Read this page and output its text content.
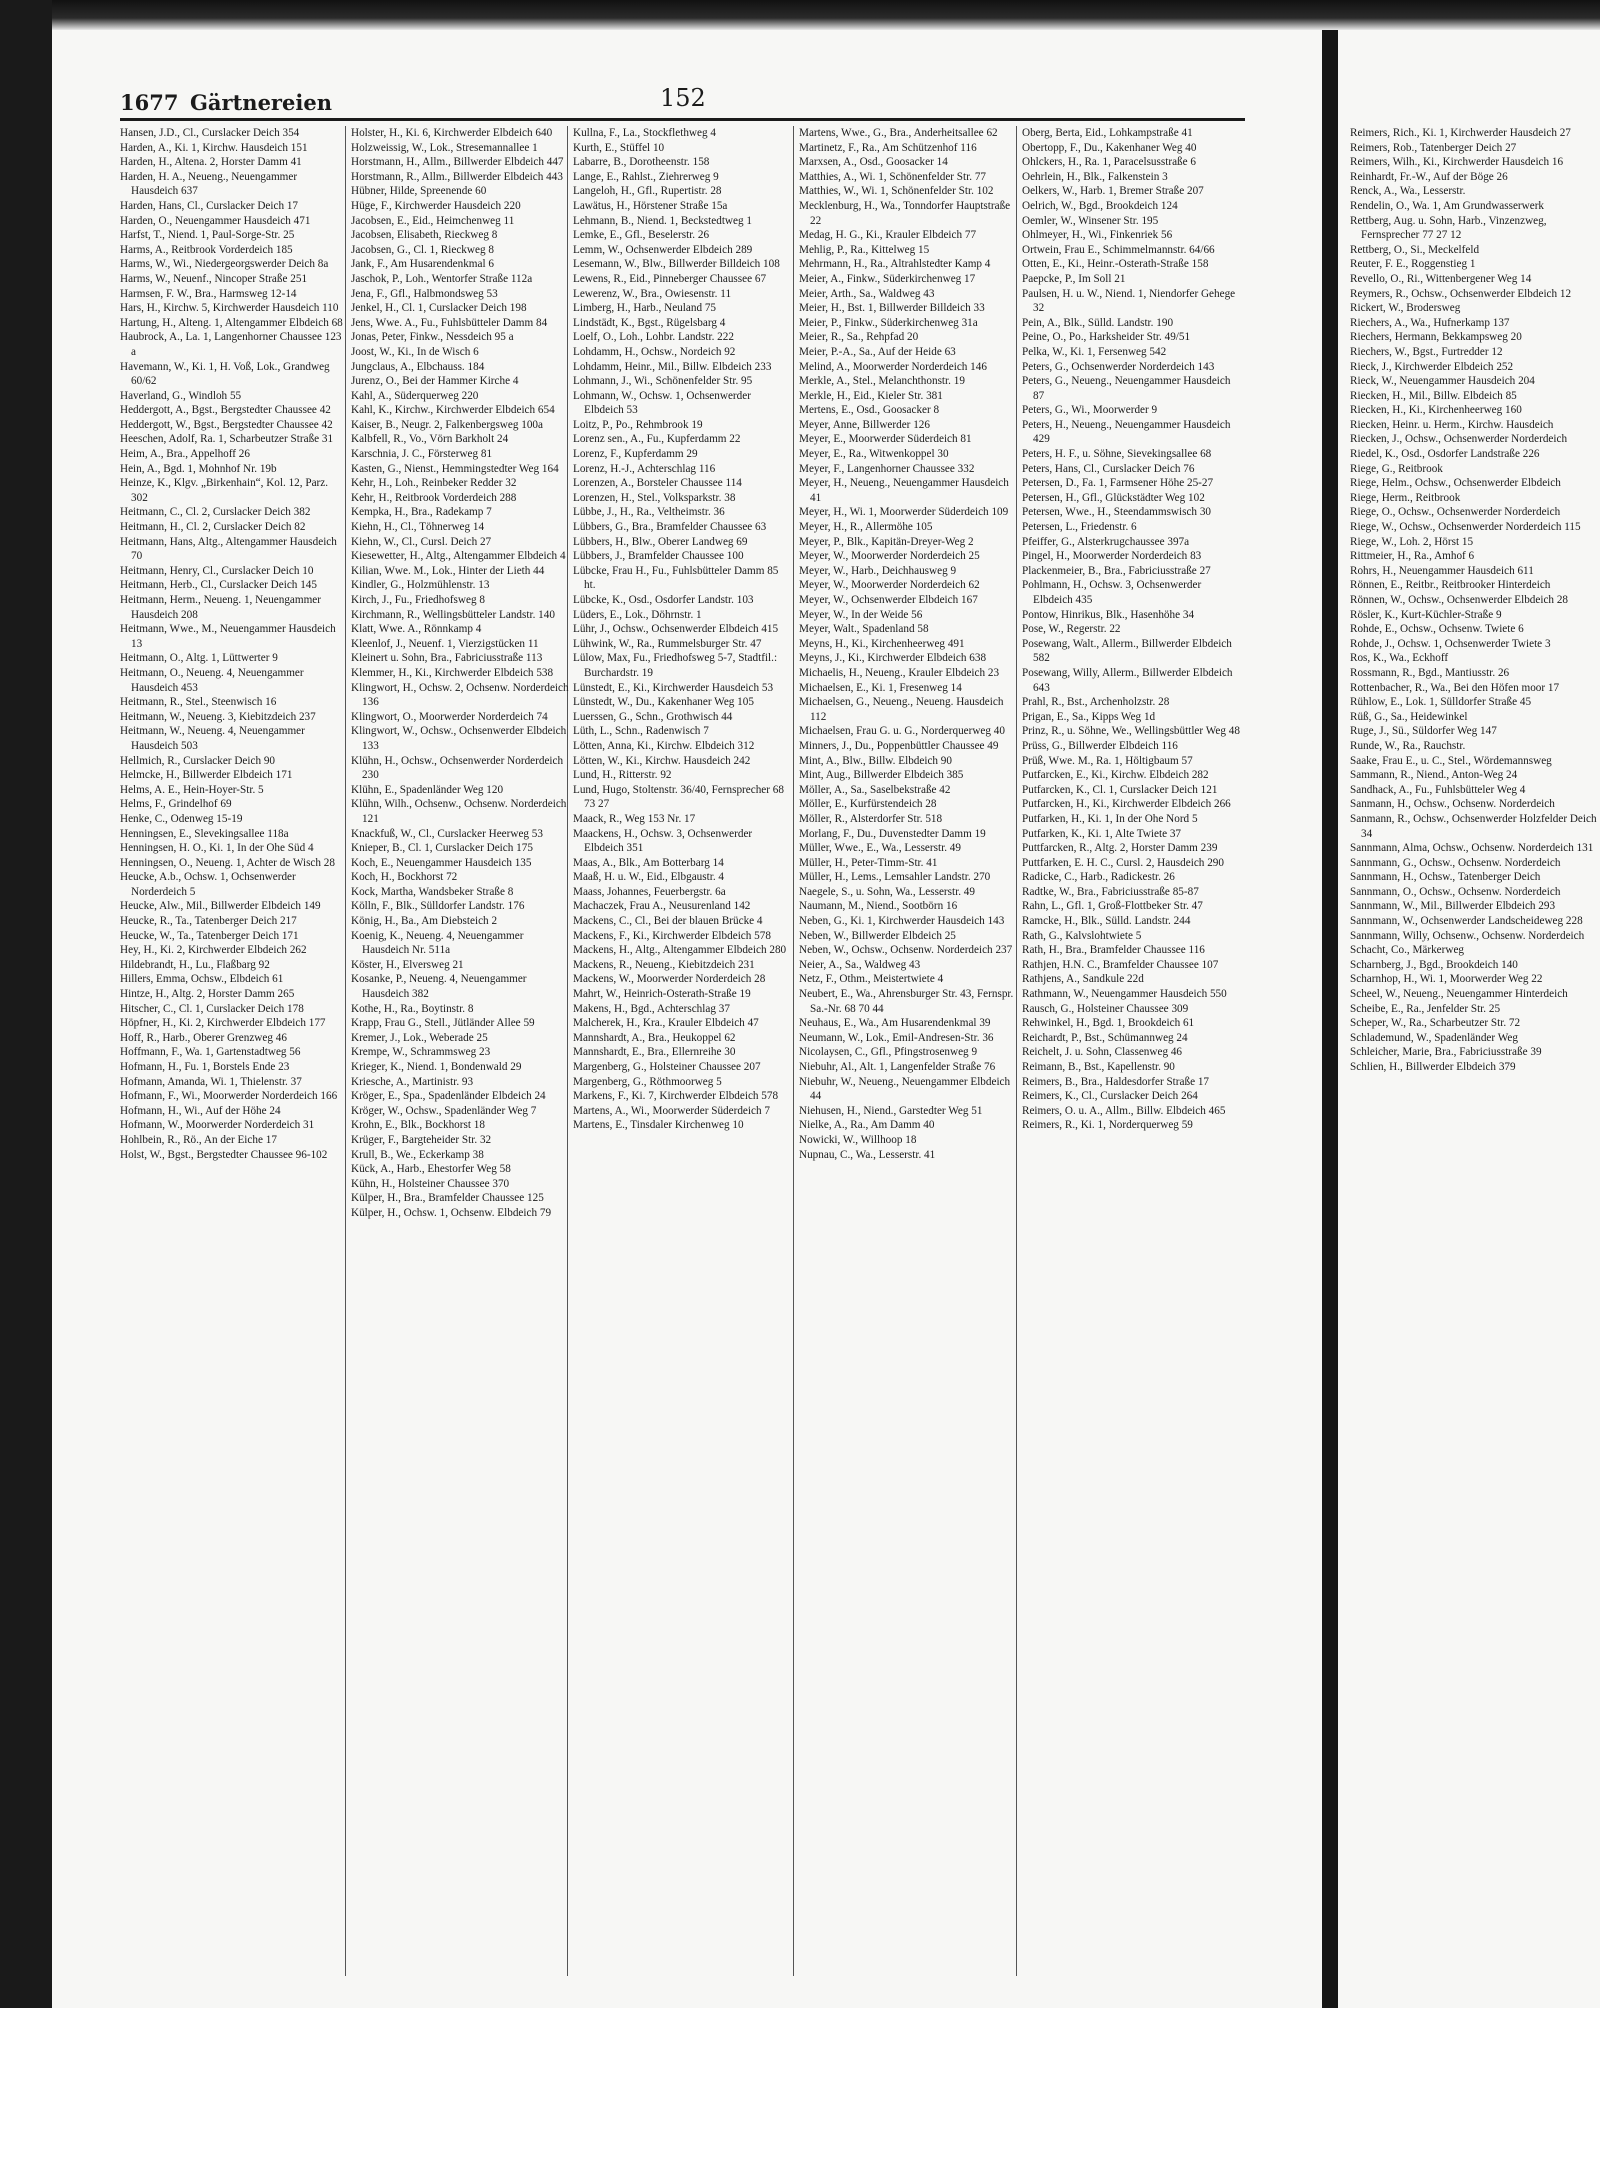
1677 Gärtnereien	152

Hansen, J.D., Cl., Curslacker Deich 354

Harden, A., Ki. 1, Kirchw. Hausdeich 151

Harden, H., Altena. 2, Horster Damm 41

Harden, H. A., Neueng., Neuengammer Hausdeich 637

Harden, Hans, Cl., Curslacker Deich 17

Harden, O., Neuengammer Hausdeich 471

Harfst, T., Niend. 1, Paul-Sorge-Str. 25

Harms, A., Reitbrook Vorderdeich 185

Harms, W., Wi., Niedergeorgswerder Deich 8a

Harms, W., Neuenf., Nincoper Straße 251

Harmsen, F. W., Bra., Harmsweg 12-14

Hars, H., Kirchw. 5, Kirchwerder Hausdeich 110

Hartung, H., Alteng. 1, Altengammer Elbdeich 68

Haubrock, A., La. 1, Langenhorner Chaussee 123 a

Havemann, W., Ki. 1, H. Voß, Lok., Grandweg 60/62

Haverland, G., Windloh 55

Heddergott, A., Bgst., Bergstedter Chaussee 42

Heddergott, W., Bgst., Bergstedter Chaussee 42

Heeschen, Adolf, Ra. 1, Scharbeutzer Straße 31

Heim, A., Bra., Appelhoff 26

Hein, A., Bgd. 1, Mohnhof Nr. 19b

Heinze, K., Klgv. „Birkenhain“, Kol. 12, Parz. 302

Heitmann, C., Cl. 2, Curslacker Deich 382

Heitmann, H., Cl. 2, Curslacker Deich 82

Heitmann, Hans, Altg., Altengammer Hausdeich 70

Heitmann, Henry, Cl., Curslacker Deich 10

Heitmann, Herb., Cl., Curslacker Deich 145

Heitmann, Herm., Neueng. 1, Neuengammer Hausdeich 208

Heitmann, Wwe., M., Neuengammer Hausdeich 13

Heitmann, O., Altg. 1, Lüttwerter 9

Heitmann, O., Neueng. 4, Neuengammer Hausdeich 453

Heitmann, R., Stel., Steenwisch 16

Heitmann, W., Neueng. 3, Kiebitzdeich 237

Heitmann, W., Neueng. 4, Neuengammer Hausdeich 503

Hellmich, R., Curslacker Deich 90

Helmcke, H., Billwerder Elbdeich 171

Helms, A. E., Hein-Hoyer-Str. 5

Helms, F., Grindelhof 69

Henke, C., Odenweg 15-19

Henningsen, E., Slevekingsallee 118a

Henningsen, H. O., Ki. 1, In der Ohe Süd 4

Henningsen, O., Neueng. 1, Achter de Wisch 28

Heucke, A.b., Ochsw. 1, Ochsenwerder Norderdeich 5

Heucke, Alw., Mil., Billwerder Elbdeich 149

Heucke, R., Ta., Tatenberger Deich 217

Heucke, W., Ta., Tatenberger Deich 171

Hey, H., Ki. 2, Kirchwerder Elbdeich 262

Hildebrandt, H., Lu., Flaßbarg 92

Hillers, Emma, Ochsw., Elbdeich 61

Hintze, H., Altg. 2, Horster Damm 265

Hitscher, C., Cl. 1, Curslacker Deich 178

Höpfner, H., Ki. 2, Kirchwerder Elbdeich 177

Hoff, R., Harb., Oberer Grenzweg 46

Hoffmann, F., Wa. 1, Gartenstadtweg 56

Hofmann, H., Fu. 1, Borstels Ende 23

Hofmann, Amanda, Wi. 1, Thielenstr. 37

Hofmann, F., Wi., Moorwerder Norderdeich 166

Hofmann, H., Wi., Auf der Höhe 24

Hofmann, W., Moorwerder Norderdeich 31

Hohlbein, R., Rö., An der Eiche 17

Holst, W., Bgst., Bergstedter Chaussee 96-102

Holster, H., Ki. 6, Kirchwerder Elbdeich 640

Holzweissig, W., Lok., Stresemannallee 1

Horstmann, H., Allm., Billwerder Elbdeich 447

Horstmann, R., Allm., Billwerder Elbdeich 443

Hübner, Hilde, Spreenende 60

Hüge, F., Kirchwerder Hausdeich 220

Jacobsen, E., Eid., Heimchenweg 11

Jacobsen, Elisabeth, Rieckweg 8

Jacobsen, G., Cl. 1, Rieckweg 8

Jank, F., Am Husarendenkmal 6

Jaschok, P., Loh., Wentorfer Straße 112a

Jena, F., Gfl., Halbmondsweg 53

Jenkel, H., Cl. 1, Curslacker Deich 198

Jens, Wwe. A., Fu., Fuhlsbütteler Damm 84

Jonas, Peter, Finkw., Nessdeich 95 a

Joost, W., Ki., In de Wisch 6

Jungclaus, A., Elbchauss. 184

Jurenz, O., Bei der Hammer Kirche 4

Kahl, A., Süderquerweg 220

Kahl, K., Kirchw., Kirchwerder Elbdeich 654

Kaiser, B., Neugr. 2, Falkenbergsweg 100a

Kalbfell, R., Vo., Vörn Barkholt 24

Karschnia, J. C., Försterweg 81

Kasten, G., Nienst., Hemmingstedter Weg 164

Kehr, H., Loh., Reinbeker Redder 32

Kehr, H., Reitbrook Vorderdeich 288

Kempka, H., Bra., Radekamp 7

Kiehn, H., Cl., Töhnerweg 14

Kiehn, W., Cl., Cursl. Deich 27

Kiesewetter, H., Altg., Altengammer Elbdeich 4

Kilian, Wwe. M., Lok., Hinter der Lieth 44

Kindler, G., Holzmühlenstr. 13

Kirch, J., Fu., Friedhofsweg 8

Kirchmann, R., Wellingsbütteler Landstr. 140

Klatt, Wwe. A., Rönnkamp 4

Kleenlof, J., Neuenf. 1, Vierzigstücken 11

Kleinert u. Sohn, Bra., Fabriciusstraße 113

Klemmer, H., Ki., Kirchwerder Elbdeich 538

Klingwort, H., Ochsw. 2, Ochsenw. Norderdeich 136

Klingwort, O., Moorwerder Norderdeich 74

Klingwort, W., Ochsw., Ochsenwerder Elbdeich 133

Klühn, H., Ochsw., Ochsenwerder Norderdeich 230

Klühn, E., Spadenländer Weg 120

Klühn, Wilh., Ochsenw., Ochsenw. Norderdeich 121

Knackfuß, W., Cl., Curslacker Heerweg 53

Knieper, B., Cl. 1, Curslacker Deich 175

Koch, E., Neuengammer Hausdeich 135

Koch, H., Bockhorst 72

Kock, Martha, Wandsbeker Straße 8

Kölln, F., Blk., Sülldorfer Landstr. 176

König, H., Ba., Am Diebsteich 2

Koenig, K., Neueng. 4, Neuengammer Hausdeich Nr. 511a

Köster, H., Elversweg 21

Kosanke, P., Neueng. 4, Neuengammer Hausdeich 382

Kothe, H., Ra., Boytinstr. 8

Krapp, Frau G., Stell., Jütländer Allee 59

Kremer, J., Lok., Weberade 25

Krempe, W., Schrammsweg 23

Krieger, K., Niend. 1, Bondenwald 29

Kriesche, A., Martinistr. 93

Kröger, E., Spa., Spadenländer Elbdeich 24

Kröger, W., Ochsw., Spadenländer Weg 7

Krohn, E., Blk., Bockhorst 18

Krüger, F., Bargteheider Str. 32

Krull, B., We., Eckerkamp 38

Kück, A., Harb., Ehestorfer Weg 58

Kühn, H., Holsteiner Chaussee 370

Külper, H., Bra., Bramfelder Chaussee 125

Külper, H., Ochsw. 1, Ochsenw. Elbdeich 79

Kullna, F., La., Stockflethweg 4

Kurth, E., Stüffel 10

Labarre, B., Dorotheenstr. 158

Lange, E., Rahlst., Ziehrerweg 9

Langeloh, H., Gfl., Rupertistr. 28

Lawätus, H., Hörstener Straße 15a

Lehmann, B., Niend. 1, Beckstedtweg 1

Lemke, E., Gfl., Beselerstr. 26

Lemm, W., Ochsenwerder Elbdeich 289

Lesemann, W., Blw., Billwerder Billdeich 108

Lewens, R., Eid., Pinneberger Chaussee 67

Lewerenz, W., Bra., Owiesenstr. 11

Limberg, H., Harb., Neuland 75

Lindstädt, K., Bgst., Rügelsbarg 4

Loelf, O., Loh., Lohbr. Landstr. 222

Lohdamm, H., Ochsw., Nordeich 92

Lohdamm, Heinr., Mil., Billw. Elbdeich 233

Lohmann, J., Wi., Schönenfelder Str. 95

Lohmann, W., Ochsw. 1, Ochsenwerder Elbdeich 53

Loitz, P., Po., Rehmbrook 19

Lorenz sen., A., Fu., Kupferdamm 22

Lorenz, F., Kupferdamm 29

Lorenz, H.-J., Achterschlag 116

Lorenzen, A., Borsteler Chaussee 114

Lorenzen, H., Stel., Volksparkstr. 38

Lübbe, J., H., Ra., Veltheimstr. 36

Lübbers, G., Bra., Bramfelder Chaussee 63

Lübbers, H., Blw., Oberer Landweg 69

Lübbers, J., Bramfelder Chaussee 100

Lübcke, Frau H., Fu., Fuhlsbütteler Damm 85 ht.

Lübcke, K., Osd., Osdorfer Landstr. 103

Lüders, E., Lok., Döhrnstr. 1

Lühr, J., Ochsw., Ochsenwerder Elbdeich 415

Lühwink, W., Ra., Rummelsburger Str. 47

Lülow, Max, Fu., Friedhofsweg 5-7, Stadtfil.: Burchardstr. 19

Lünstedt, E., Ki., Kirchwerder Hausdeich 53

Lünstedt, W., Du., Kakenhaner Weg 105

Luerssen, G., Schn., Grothwisch 44

Lüth, L., Schn., Radenwisch 7

Lötten, Anna, Ki., Kirchw. Elbdeich 312

Lötten, W., Ki., Kirchw. Hausdeich 242

Lund, H., Ritterstr. 92

Lund, Hugo, Stoltenstr. 36/40, Fernsprecher 68 73 27

Maack, R., Weg 153 Nr. 17

Maackens, H., Ochsw. 3, Ochsenwerder Elbdeich 351

Maas, A., Blk., Am Botterbarg 14

Maaß, H. u. W., Eid., Elbgaustr. 4

Maass, Johannes, Feuerbergstr. 6a

Machaczek, Frau A., Neusurenland 142

Mackens, C., Cl., Bei der blauen Brücke 4

Mackens, F., Ki., Kirchwerder Elbdeich 578

Mackens, H., Altg., Altengammer Elbdeich 280

Mackens, R., Neueng., Kiebitzdeich 231

Mackens, W., Moorwerder Norderdeich 28

Mahrt, W., Heinrich-Osterath-Straße 19

Makens, H., Bgd., Achterschlag 37

Malcherek, H., Kra., Krauler Elbdeich 47

Mannshardt, A., Bra., Heukoppel 62

Mannshardt, E., Bra., Ellernreihe 30

Margenberg, G., Holsteiner Chaussee 207

Margenberg, G., Röthmoorweg 5

Markens, F., Ki. 7, Kirchwerder Elbdeich 578

Martens, A., Wi., Moorwerder Süderdeich 7

Martens, E., Tinsdaler Kirchenweg 10

Martens, Wwe., G., Bra., Anderheitsallee 62

Martinetz, F., Ra., Am Schützenhof 116

Marxsen, A., Osd., Goosacker 14

Matthies, A., Wi. 1, Schönenfelder Str. 77

Matthies, W., Wi. 1, Schönenfelder Str. 102

Mecklenburg, H., Wa., Tonndorfer Hauptstraße 22

Medag, H. G., Ki., Krauler Elbdeich 77

Mehlig, P., Ra., Kittelweg 15

Mehrmann, H., Ra., Altrahlstedter Kamp 4

Meier, A., Finkw., Süderkirchenweg 17

Meier, Arth., Sa., Waldweg 43

Meier, H., Bst. 1, Billwerder Billdeich 33

Meier, P., Finkw., Süderkirchenweg 31a

Meier, R., Sa., Rehpfad 20

Meier, P.-A., Sa., Auf der Heide 63

Melind, A., Moorwerder Norderdeich 146

Merkle, A., Stel., Melanchthonstr. 19

Merkle, H., Eid., Kieler Str. 381

Mertens, E., Osd., Goosacker 8

Meyer, Anne, Billwerder 126

Meyer, E., Moorwerder Süderdeich 81

Meyer, E., Ra., Witwenkoppel 30

Meyer, F., Langenhorner Chaussee 332

Meyer, H., Neueng., Neuengammer Hausdeich 41

Meyer, H., Wi. 1, Moorwerder Süderdeich 109

Meyer, H., R., Allermöhe 105

Meyer, P., Blk., Kapitän-Dreyer-Weg 2

Meyer, W., Moorwerder Norderdeich 25

Meyer, W., Harb., Deichhausweg 9

Meyer, W., Moorwerder Norderdeich 62

Meyer, W., Ochsenwerder Elbdeich 167

Meyer, W., In der Weide 56

Meyer, Walt., Spadenland 58

Meyns, H., Ki., Kirchenheerweg 491

Meyns, J., Ki., Kirchwerder Elbdeich 638

Michaelis, H., Neueng., Krauler Elbdeich 23

Michaelsen, E., Ki. 1, Fresenweg 14

Michaelsen, G., Neueng., Neueng. Hausdeich 112

Michaelsen, Frau G. u. G., Norderquerweg 40

Minners, J., Du., Poppenbüttler Chaussee 49

Mint, A., Blw., Billw. Elbdeich 90

Mint, Aug., Billwerder Elbdeich 385

Möller, A., Sa., Saselbekstraße 42

Möller, E., Kurfürstendeich 28

Möller, R., Alsterdorfer Str. 518

Morlang, F., Du., Duvenstedter Damm 19

Müller, Wwe., E., Wa., Lesserstr. 49

Müller, H., Peter-Timm-Str. 41

Müller, H., Lems., Lemsahler Landstr. 270

Naegele, S., u. Sohn, Wa., Lesserstr. 49

Naumann, M., Niend., Sootbörn 16

Neben, G., Ki. 1, Kirchwerder Hausdeich 143

Neben, W., Billwerder Elbdeich 25

Neben, W., Ochsw., Ochsenw. Norderdeich 237

Neier, A., Sa., Waldweg 43

Netz, F., Othm., Meistertwiete 4

Neubert, E., Wa., Ahrensburger Str. 43, Fernspr. Sa.-Nr. 68 70 44

Neuhaus, E., Wa., Am Husarendenkmal 39

Neumann, W., Lok., Emil-Andresen-Str. 36

Nicolaysen, C., Gfl., Pfingstrosenweg 9

Niebuhr, Al., Alt. 1, Langenfelder Straße 76

Niebuhr, W., Neueng., Neuengammer Elbdeich 44

Niehusen, H., Niend., Garstedter Weg 51

Nielke, A., Ra., Am Damm 40

Nowicki, W., Willhoop 18

Nupnau, C., Wa., Lesserstr. 41

Oberg, Berta, Eid., Lohkampstraße 41

Obertopp, F., Du., Kakenhaner Weg 40

Ohlckers, H., Ra. 1, Paracelsusstraße 6

Oehrlein, H., Blk., Falkenstein 3

Oelkers, W., Harb. 1, Bremer Straße 207

Oelrich, W., Bgd., Brookdeich 124

Oemler, W., Winsener Str. 195

Ohlmeyer, H., Wi., Finkenriek 56

Ortwein, Frau E., Schimmelmannstr. 64/66

Otten, E., Ki., Heinr.-Osterath-Straße 158

Paepcke, P., Im Soll 21

Paulsen, H. u. W., Niend. 1, Niendorfer Gehege 32

Pein, A., Blk., Sülld. Landstr. 190

Peine, O., Po., Harksheider Str. 49/51

Pelka, W., Ki. 1, Fersenweg 542

Peters, G., Ochsenwerder Norderdeich 143

Peters, G., Neueng., Neuengammer Hausdeich 87

Peters, G., Wi., Moorwerder 9

Peters, H., Neueng., Neuengammer Hausdeich 429

Peters, H. F., u. Söhne, Sievekingsallee 68

Peters, Hans, Cl., Curslacker Deich 76

Petersen, D., Fa. 1, Farmsener Höhe 25-27

Petersen, H., Gfl., Glückstädter Weg 102

Petersen, Wwe., H., Steendammswisch 30

Petersen, L., Friedenstr. 6

Pfeiffer, G., Alsterkrugchaussee 397a

Pingel, H., Moorwerder Norderdeich 83

Plackenmeier, B., Bra., Fabriciusstraße 27

Pohlmann, H., Ochsw. 3, Ochsenwerder Elbdeich 435

Pontow, Hinrikus, Blk., Hasenhöhe 34

Pose, W., Regerstr. 22

Posewang, Walt., Allerm., Billwerder Elbdeich 582

Posewang, Willy, Allerm., Billwerder Elbdeich 643

Prahl, R., Bst., Archenholzstr. 28

Prigan, E., Sa., Kipps Weg 1d

Prinz, R., u. Söhne, We., Wellingsbüttler Weg 48

Prüss, G., Billwerder Elbdeich 116

Prüß, Wwe. M., Ra. 1, Höltigbaum 57

Putfarcken, E., Ki., Kirchw. Elbdeich 282

Putfarcken, K., Cl. 1, Curslacker Deich 121

Putfarcken, H., Ki., Kirchwerder Elbdeich 266

Putfarken, H., Ki. 1, In der Ohe Nord 5

Putfarken, K., Ki. 1, Alte Twiete 37

Puttfarcken, R., Altg. 2, Horster Damm 239

Puttfarken, E. H. C., Cursl. 2, Hausdeich 290

Radicke, C., Harb., Radickestr. 26

Radtke, W., Bra., Fabriciusstraße 85-87

Rahn, L., Gfl. 1, Groß-Flottbeker Str. 47

Ramcke, H., Blk., Sülld. Landstr. 244

Rath, G., Kalvslohtwiete 5

Rath, H., Bra., Bramfelder Chaussee 116

Rathjen, H.N. C., Bramfelder Chaussee 107

Rathjens, A., Sandkule 22d

Rathmann, W., Neuengammer Hausdeich 550

Rausch, G., Holsteiner Chaussee 309

Rehwinkel, H., Bgd. 1, Brookdeich 61

Reichardt, P., Bst., Schümannweg 24

Reichelt, J. u. Sohn, Classenweg 46

Reimann, B., Bst., Kapellenstr. 90

Reimers, B., Bra., Haldesdorfer Straße 17

Reimers, K., Cl., Curslacker Deich 264

Reimers, O. u. A., Allm., Billw. Elbdeich 465

Reimers, R., Ki. 1, Norderquerweg 59

Reimers, Rich., Ki. 1, Kirchwerder Hausdeich 27

Reimers, Rob., Tatenberger Deich 27

Reimers, Wilh., Ki., Kirchwerder Hausdeich 16

Reinhardt, Fr.-W., Auf der Böge 26

Renck, A., Wa., Lesserstr.

Rendelin, O., Wa. 1, Am Grundwasserwerk

Rettberg, Aug. u. Sohn, Harb., Vinzenzweg, Fernsprecher 77 27 12

Rettberg, O., Si., Meckelfeld

Reuter, F. E., Roggenstieg 1

Revello, O., Ri., Wittenbergener Weg 14

Reymers, R., Ochsw., Ochsenwerder Elbdeich 12

Rickert, W., Brodersweg

Riechers, A., Wa., Hufnerkamp 137

Riechers, Hermann, Bekkampsweg 20

Riechers, W., Bgst., Furtredder 12

Rieck, J., Kirchwerder Elbdeich 252

Rieck, W., Neuengammer Hausdeich 204

Riecken, H., Mil., Billw. Elbdeich 85

Riecken, H., Ki., Kirchenheerweg 160

Riecken, Heinr. u. Herm., Kirchw. Hausdeich

Riecken, J., Ochsw., Ochsenwerder Norderdeich

Riedel, K., Osd., Osdorfer Landstraße 226

Riege, G., Reitbrook

Riege, Helm., Ochsw., Ochsenwerder Elbdeich

Riege, Herm., Reitbrook

Riege, O., Ochsw., Ochsenwerder Norderdeich

Riege, W., Ochsw., Ochsenwerder Norderdeich 115

Riege, W., Loh. 2, Hörst 15

Rittmeier, H., Ra., Amhof 6

Rohrs, H., Neuengammer Hausdeich 611

Rönnen, E., Reitbr., Reitbrooker Hinterdeich

Rönnen, W., Ochsw., Ochsenwerder Elbdeich 28

Rösler, K., Kurt-Küchler-Straße 9

Rohde, E., Ochsw., Ochsenw. Twiete 6

Rohde, J., Ochsw. 1, Ochsenwerder Twiete 3

Ros, K., Wa., Eckhoff

Rossmann, R., Bgd., Mantiusstr. 26

Rottenbacher, R., Wa., Bei den Höfen moor 17

Rühlow, E., Lok. 1, Sülldorfer Straße 45

Rüß, G., Sa., Heidewinkel

Ruge, J., Sü., Süldorfer Weg 147

Runde, W., Ra., Rauchstr.

Saake, Frau E., u. C., Stel., Wördemannsweg

Sammann, R., Niend., Anton-Weg 24

Sandhack, A., Fu., Fuhlsbütteler Weg 4

Sanmann, H., Ochsw., Ochsenw. Norderdeich

Sanmann, R., Ochsw., Ochsenwerder Holzfelder Deich 34

Sannmann, Alma, Ochsw., Ochsenw. Norderdeich 131

Sannmann, G., Ochsw., Ochsenw. Norderdeich

Sannmann, H., Ochsw., Tatenberger Deich

Sannmann, O., Ochsw., Ochsenw. Norderdeich

Sannmann, W., Mil., Billwerder Elbdeich 293

Sannmann, W., Ochsenwerder Landscheideweg 228

Sannmann, Willy, Ochsenw., Ochsenw. Norderdeich

Schacht, Co., Märkerweg

Scharnberg, J., Bgd., Brookdeich 140

Scharnhop, H., Wi. 1, Moorwerder Weg 22

Scheel, W., Neueng., Neuengammer Hinterdeich

Scheibe, E., Ra., Jenfelder Str. 25

Scheper, W., Ra., Scharbeutzer Str. 72

Schlademund, W., Spadenländer Weg

Schleicher, Marie, Bra., Fabriciusstraße 39

Schlien, H., Billwerder Elbdeich 379
